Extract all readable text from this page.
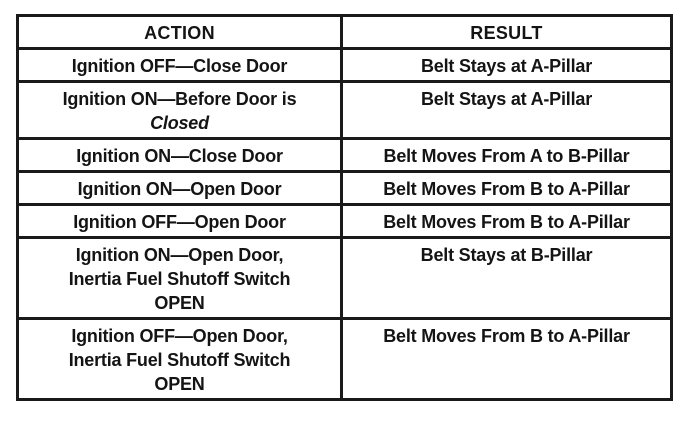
ACTION	RESULT
Ignition OFF—Close Door	Belt Stays at A-Pillar

Ignition ON—Before Door is
Closed	Belt Stays at A-Pillar
Ignition ON—Close Door	Belt Moves From A to B-Pillar
Ignition ON—Open Door	Belt Moves From B to A-Pillar
Ignition OFF—Open Door	Belt Moves From B to A-Pillar

Ignition ON—Open Door,
Inertia Fuel Shutoff Switch
OPEN	Belt Stays at B-Pillar

Ignition OFF—Open Door,
Inertia Fuel Shutoff Switch
OPEN	Belt Moves From B to A-Pillar
